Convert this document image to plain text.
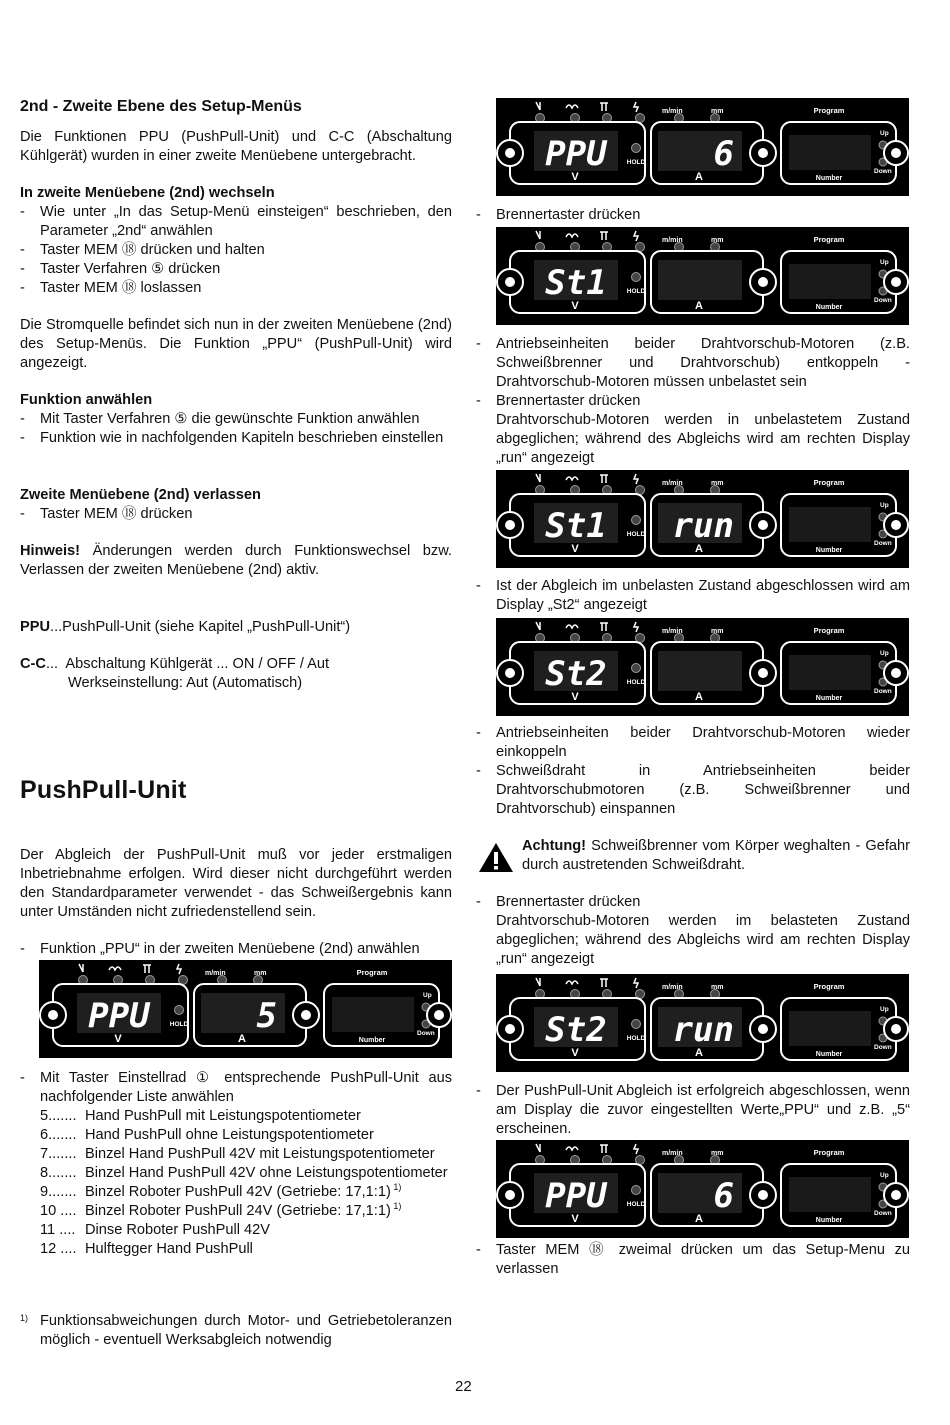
2nd - Zweite Ebene des Setup-Menüs

Die Funktionen PPU (PushPull-Unit) und C-C (Abschaltung Kühlgerät) wurden in einer zweite Menüebene untergebracht.

In zweite Menüebene (2nd) wechseln
- Wie unter „In das Setup-Menü einsteigen“ beschrieben, den Parameter „2nd“ anwählen
- Taster MEM ⑱ drücken und halten
- Taster Verfahren ⑤ drücken
- Taster MEM ⑱ loslassen

Die Stromquelle befindet sich nun in der zweiten Menüebene (2nd) des Setup-Menüs. Die Funktion „PPU“ (PushPull-Unit) wird angezeigt.

Funktion anwählen
- Mit Taster Verfahren ⑤ die gewünschte Funktion anwählen
- Funktion wie in nachfolgenden Kapiteln beschrieben einstellen
Zweite Menüebene (2nd) verlassen
- Taster MEM ⑱ drücken

Hinweis! Änderungen werden durch Funktionswechsel bzw. Verlassen der zweiten Menüebene (2nd) aktiv.

PPU...PushPull-Unit (siehe Kapitel „PushPull-Unit“)

C-C...  Abschaltung Kühlgerät ... ON / OFF / Aut
Werkseinstellung: Aut (Automatisch)
PushPull-Unit

Der Abgleich der PushPull-Unit muß vor jeder erstmaligen Inbetriebnahme erfolgen. Wird dieser nicht durchgeführt werden den Standardparameter verwendet - das Schweißergebnis kann unter Umständen nicht zufriedenstellend sein.

- Funktion „PPU“ in der zweiten Menüebene (2nd) anwählen
- Mit Taster Einstellrad ① entsprechende PushPull-Unit aus nachfolgender Liste anwählen
5....... Hand PushPull mit Leistungspotentiometer
6....... Hand PushPull ohne Leistungspotentiometer
7....... Binzel Hand PushPull 42V mit Leistungspotentiometer
8....... Binzel Hand PushPull 42V ohne Leistungspotentiometer
9....... Binzel Roboter PushPull 42V (Getriebe: 17,1:1) $^{1)}$
10 .... Binzel Roboter PushPull 24V (Getriebe: 17,1:1) $^{1)}$
11 .... Dinse Roboter PushPull 42V
12 .... Hulftegger Hand PushPull
1) Funktionsabweichungen durch Motor- und Getriebetoleranzen möglich - eventuell Werksabgleich notwendig
- Brennertaster drücken
- Antriebseinheiten beider Drahtvorschub-Motoren (z.B. Schweißbrenner und Drahtvorschub) entkoppeln - Drahtvorschub-Motoren müssen unbelastet sein
- Brennertaster drücken
Drahtvorschub-Motoren werden in unbelastetem Zustand abgeglichen; während des Abgleichs wird am rechten Display „run“ angezeigt
- Ist der Abgleich im unbelasten Zustand abgeschlossen wird am Display „St2“ angezeigt
- Antriebseinheiten beider Drahtvorschub-Motoren wieder einkoppeln
- Schweißdraht in Antriebseinheiten beider Drahtvorschubmotoren (z.B. Schweißbrenner und Drahtvorschub) einspannen

Achtung! Schweißbrenner vom Körper weghalten - Gefahr durch austretenden Schweißdraht.

- Brennertaster drücken
Drahtvorschub-Motoren werden im belasteten Zustand abgeglichen; während des Abgleichs wird am rechten Display „run“ angezeigt
- Der PushPull-Unit Abgleich ist erfolgreich abgeschlossen, wenn am Display die zuvor eingestellten Werte„PPU“ und z.B. „5“ erscheinen.
- Taster MEM ⑱ zweimal drücken um das Setup-Menu zu verlassen
m/min	mm	Program
PPU
V
HOLD 6
A	Number
Up
Down
m/min	mm	Program
St1
V
HOLD
A	Number
Up
Down
m/min	mm	Program
St1
V
HOLD run
A	Number
Up
Down
m/min	mm	Program
St2
V
HOLD
A	Number
Up
Down
m/min	mm	Program
PPU
V
HOLD 5
A	Number
Up
Down
m/min	mm	Program
St2
V
HOLD run
A	Number
Up
Down
m/min	mm	Program
PPU
V
HOLD 6
A	Number
Up
Down
22
